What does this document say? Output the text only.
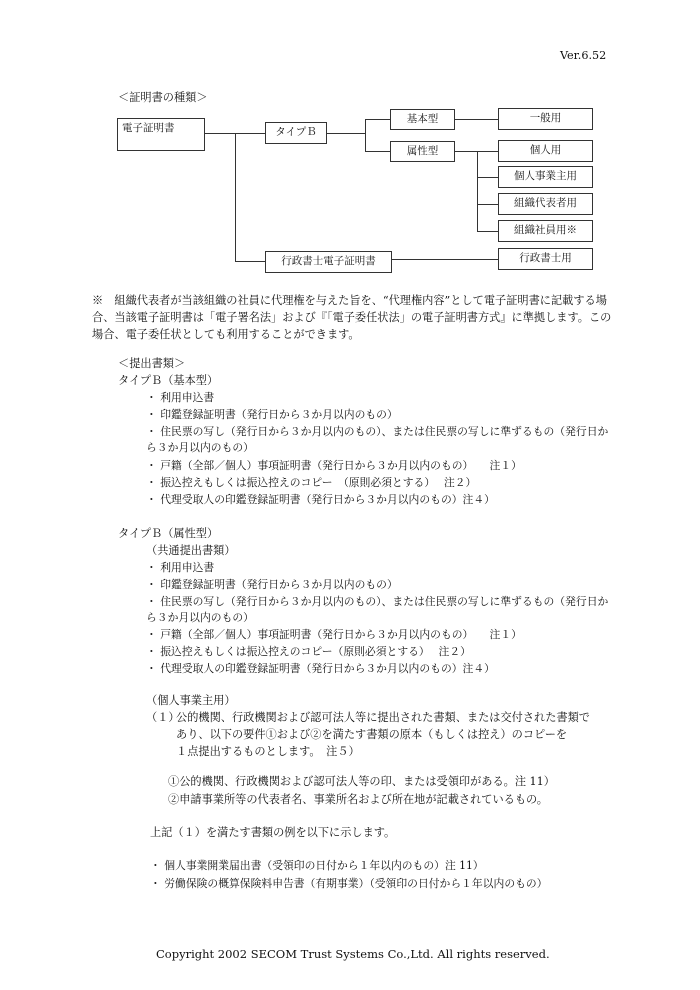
Ver.6.52
＜証明書の種類＞
電子証明書	タイプＢ
基本型
属性型
一般用
個人用
個人事業主用
組織代表者用
組織社員用※
行政書士電子証明書	行政書士用
※　組織代表者が当該組織の社員に代理権を与えた旨を、“代理権内容”として電子証明書に記載する場合、当該電子証明書は「電子署名法」および『「電子委任状法」の電子証明書方式』に準拠します。この場合、電子委任状としても利用することができます。
＜提出書類＞
タイプＢ（基本型）
・ 利用申込書
・ 印鑑登録証明書（発行日から３か月以内のもの）
・ 住民票の写し（発行日から３か月以内のもの）、または住民票の写しに準ずるもの（発行日から３か月以内のもの）
・ 戸籍（全部／個人）事項証明書（発行日から３か月以内のもの）　　注１）
・ 振込控えもしくは振込控えのコピー　（原則必須とする）　 注２）
・ 代理受取人の印鑑登録証明書（発行日から３か月以内のもの）注４）
タイプＢ（属性型）
（共通提出書類）
・ 利用申込書
・ 印鑑登録証明書（発行日から３か月以内のもの）
・ 住民票の写し（発行日から３か月以内のもの）、または住民票の写しに準ずるもの（発行日から３か月以内のもの）
・ 戸籍（全部／個人）事項証明書（発行日から３か月以内のもの）　　注１）
・ 振込控えもしくは振込控えのコピー（原則必須とする）　 注２）
・ 代理受取人の印鑑登録証明書（発行日から３か月以内のもの）注４）
（個人事業主用）
（１）
公的機関、行政機関および認可法人等に提出された書類、または交付された書類で
あり、以下の要件①および②を満たす書類の原本（もしくは控え）のコピーを
１点提出するものとします。　注５）
①公的機関、行政機関および認可法人等の印、または受領印がある。注 11）
②申請事業所等の代表者名、事業所名および所在地が記載されているもの。
上記（１）を満たす書類の例を以下に示します。
・ 個人事業開業届出書（受領印の日付から１年以内のもの）注 11）
・ 労働保険の概算保険料申告書（有期事業）（受領印の日付から１年以内のもの）
Copyright 2002 SECOM Trust Systems Co.,Ltd. All rights reserved.
